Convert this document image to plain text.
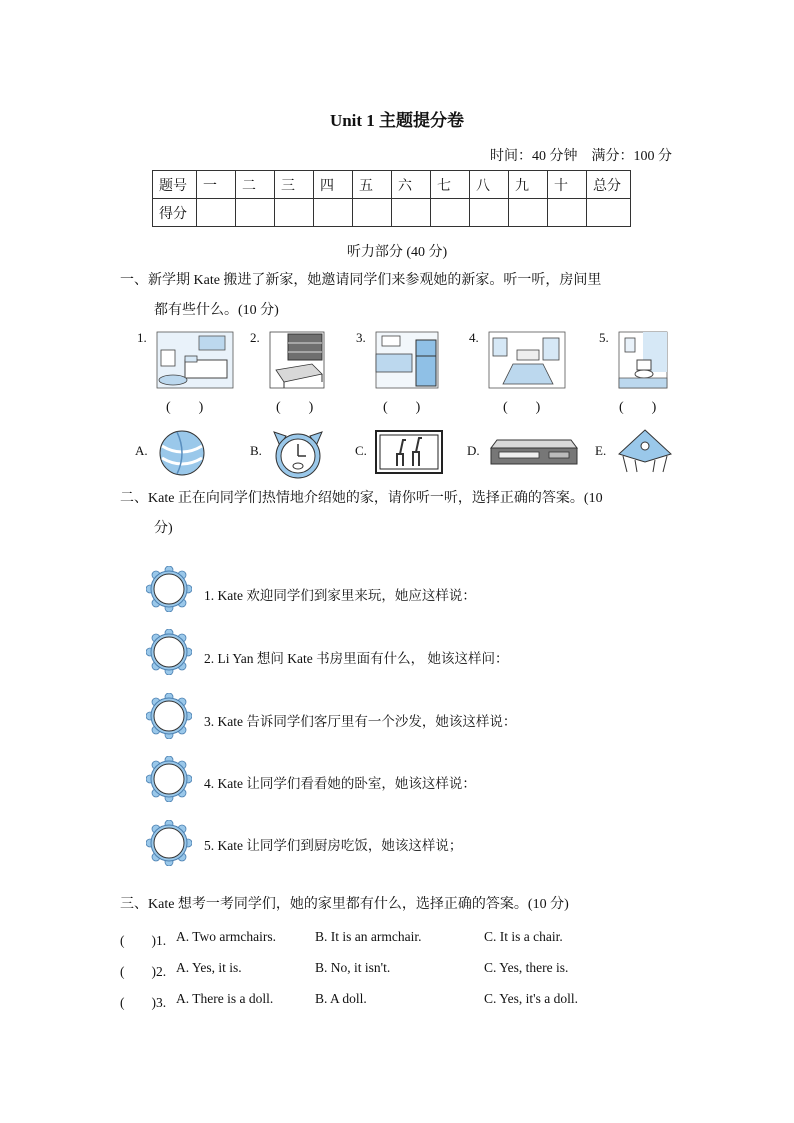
Unit 1 主题提分卷
时间：40 分钟　满分：100 分
题号	一	二	三	四	五	六	七	八	九	十	总分
得分											
听力部分 (40 分)
一、新学期 Kate 搬进了新家，她邀请同学们来参观她的新家。听一听，房间里
都有些什么。(10 分)
1.	2.	3.	4.	5.
(　　)	(　　)	(　　)	(　　)	(　　)
A.	B.	C.	D.	E.
二、Kate 正在向同学们热情地介绍她的家，请你听一听，选择正确的答案。(10
分)
1. Kate 欢迎同学们到家里来玩，她应这样说：
2. Li Yan 想问 Kate 书房里面有什么， 她该这样问：
3. Kate 告诉同学们客厅里有一个沙发，她该这样说：
4. Kate 让同学们看看她的卧室，她该这样说：
5. Kate 让同学们到厨房吃饭，她该这样说；
三、Kate 想考一考同学们，她的家里都有什么，选择正确的答案。(10 分)
(　　)1. A. Two armchairs.	B. It is an armchair.	C. It is a chair.
(　　)2. A. Yes, it is.	B. No, it isn't.	C. Yes, there is.
(　　)3. A. There is a doll.	B. A doll.	C. Yes, it's a doll.
